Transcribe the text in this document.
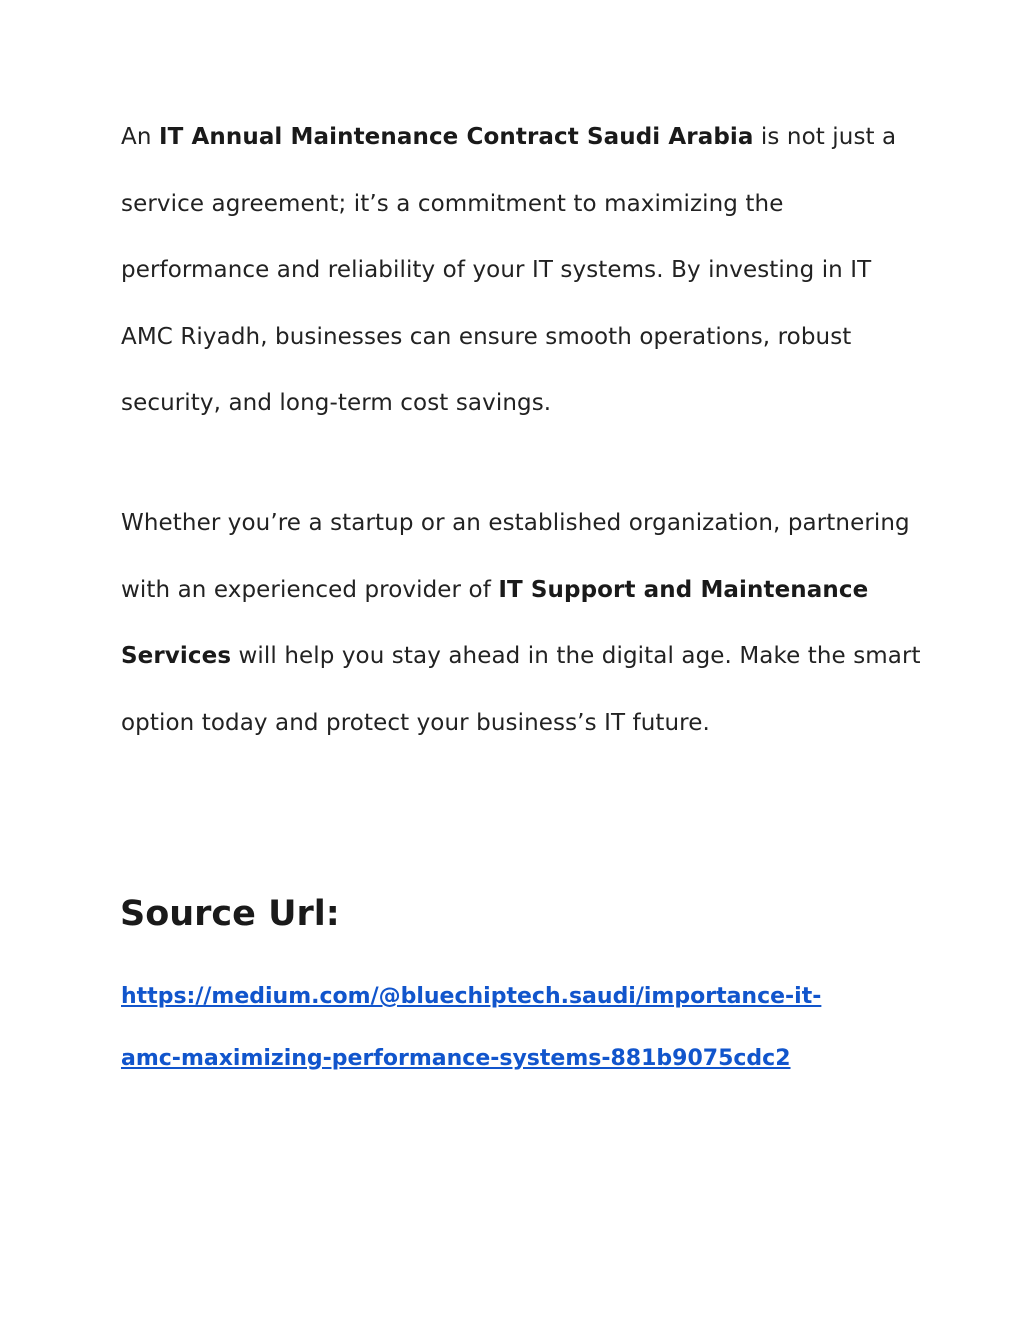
An IT Annual Maintenance Contract Saudi Arabia is not just a service agreement; it’s a commitment to maximizing the performance and reliability of your IT systems. By investing in IT AMC Riyadh, businesses can ensure smooth operations, robust security, and long-term cost savings.

Whether you’re a startup or an established organization, partnering with an experienced provider of IT Support and Maintenance Services will help you stay ahead in the digital age. Make the smart option today and protect your business’s IT future.

Source Url:
https://medium.com/@bluechiptech.saudi/importance-it-
amc-maximizing-performance-systems-881b9075cdc2
